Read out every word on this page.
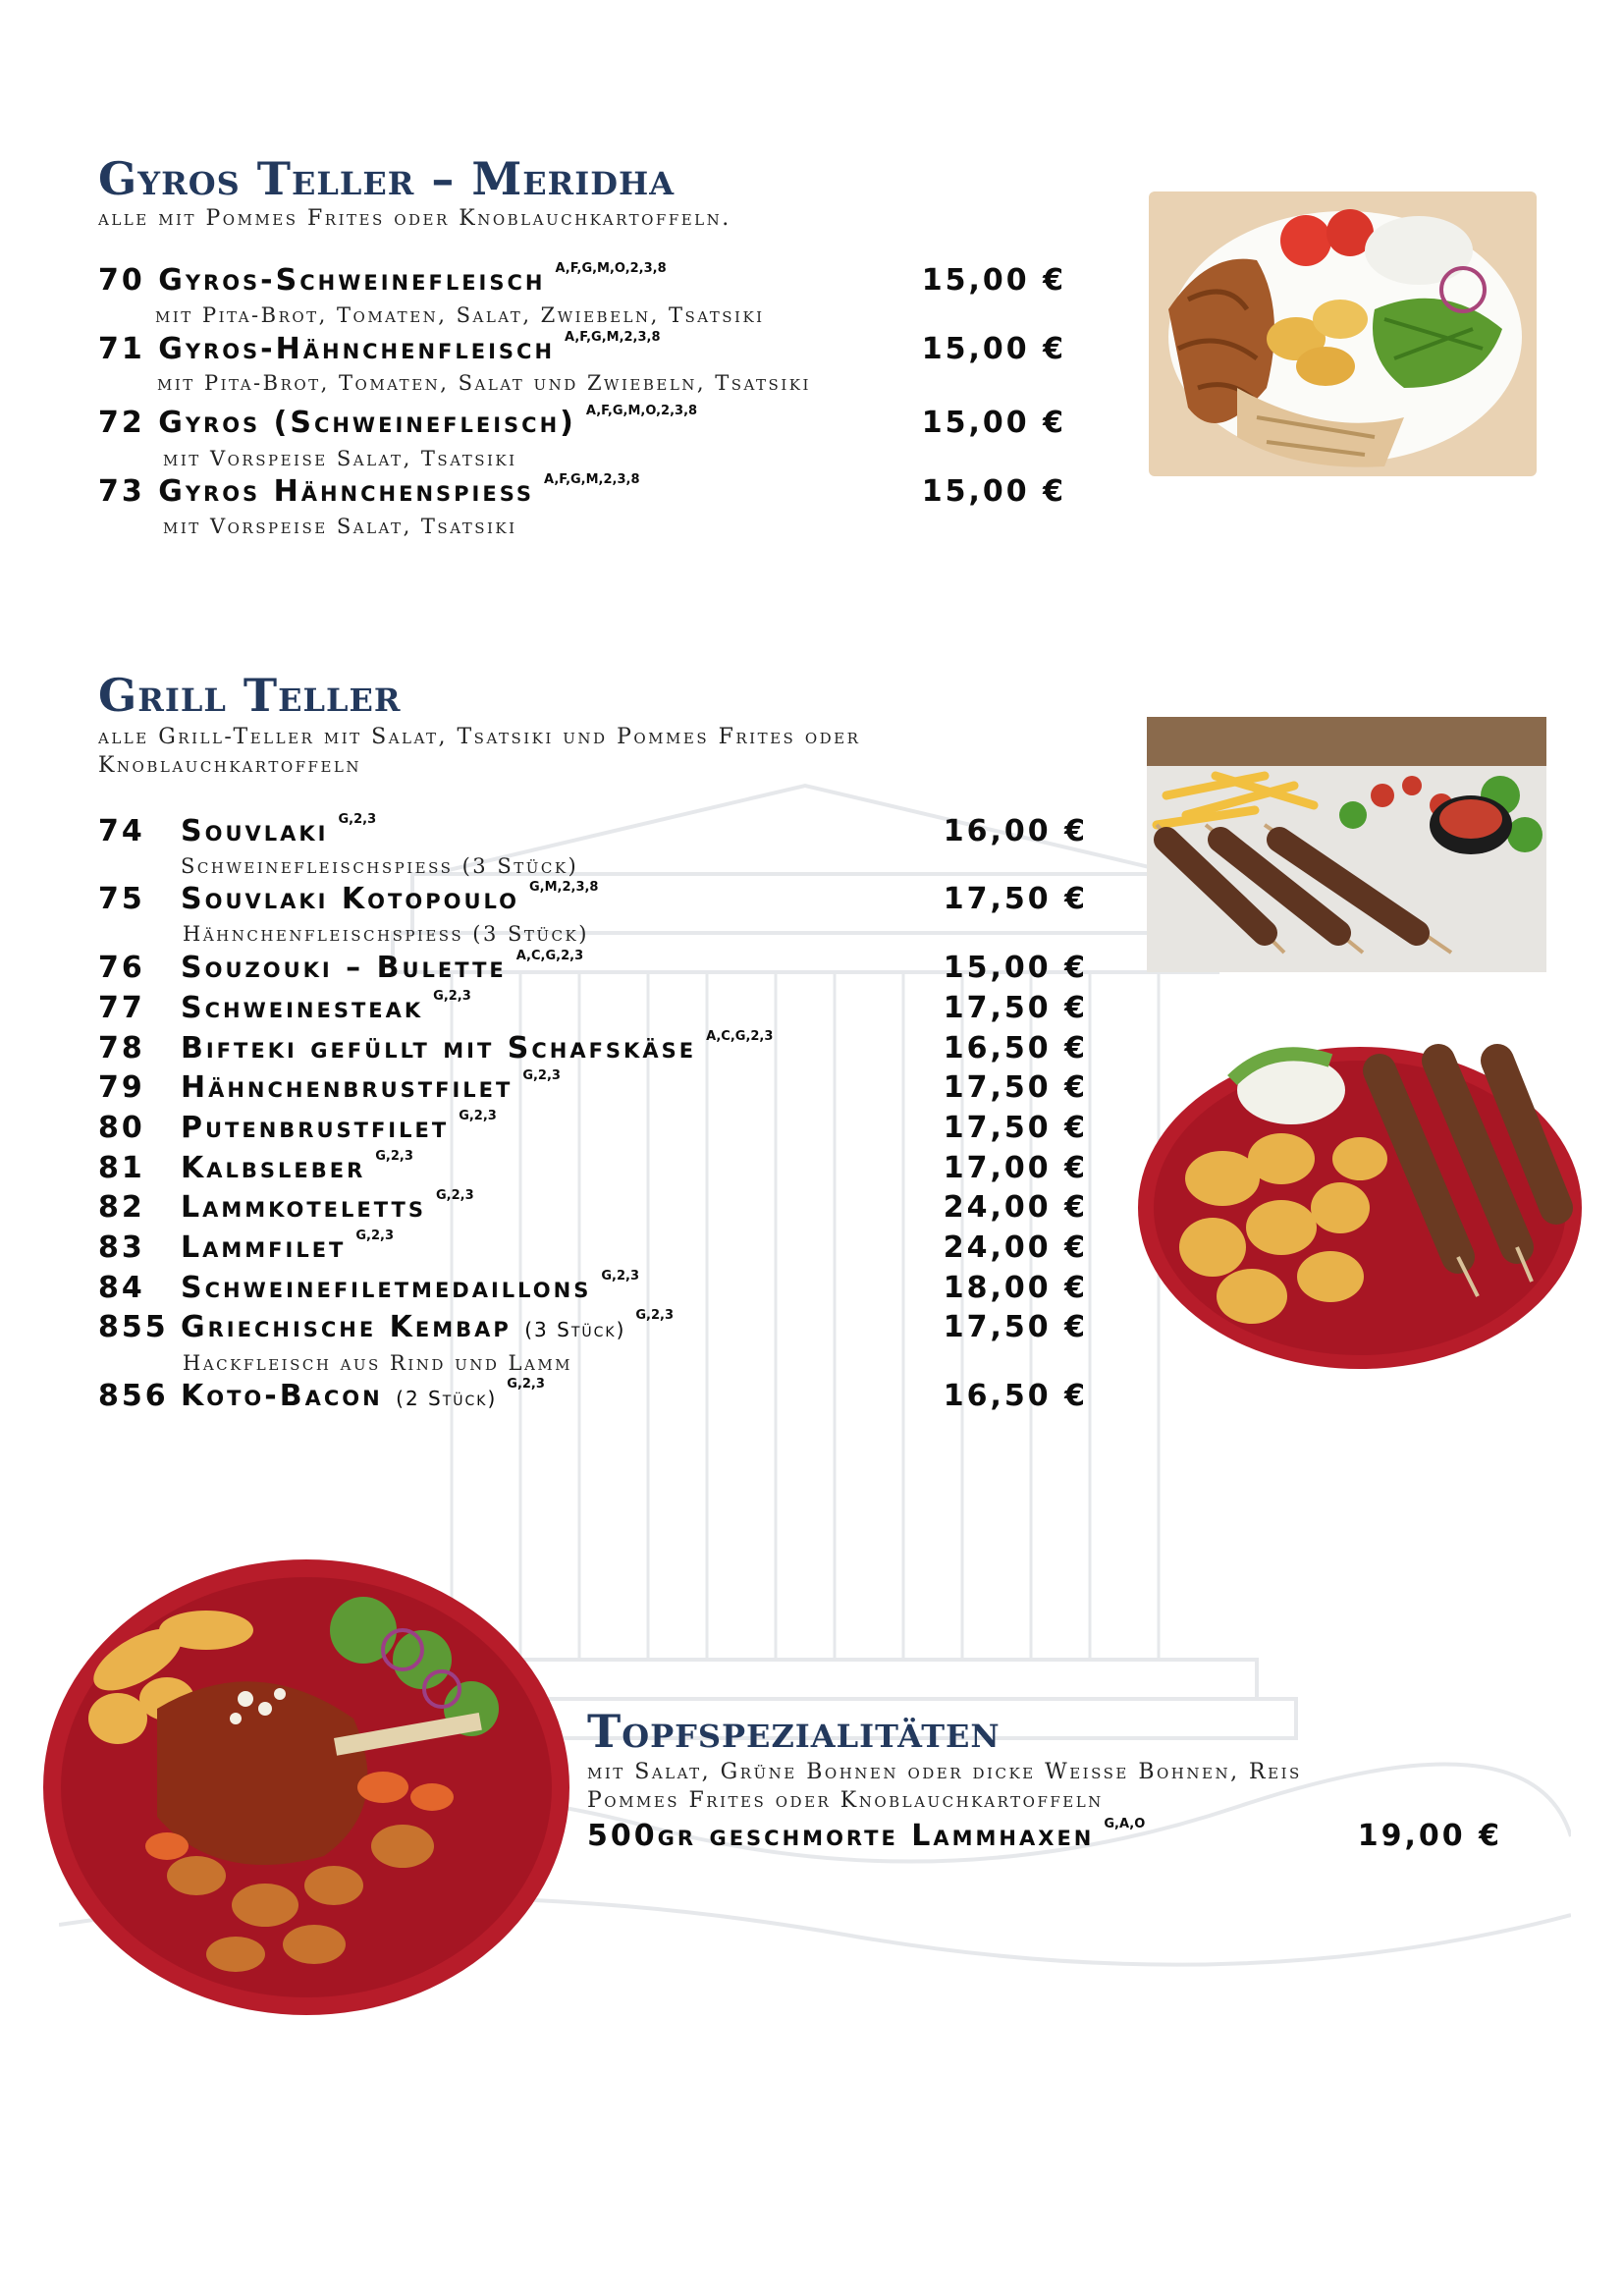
Gyros Teller – Meridha

alle mit Pommes Frites oder Knoblauchkartoffeln.

70 Gyros-Schweinefleisch $^{A,F,G,M,O,2,3,8}$	15,00 €
mit Pita-Brot, Tomaten, Salat, Zwiebeln, Tsatsiki
71 Gyros-Hähnchenfleisch $^{A,F,G,M,2,3,8}$	15,00 €
mit Pita-Brot, Tomaten, Salat und Zwiebeln, Tsatsiki
72 Gyros (Schweinefleisch) $^{A,F,G,M,O,2,3,8}$	15,00 €
mit Vorspeise Salat, Tsatsiki
73 Gyros Hähnchenspiess $^{A,F,G,M,2,3,8}$	15,00 €
mit Vorspeise Salat, Tsatsiki
Grill Teller

alle Grill-Teller mit Salat, Tsatsiki und Pommes Frites oder
Knoblauchkartoffeln

74 Souvlaki $^{G,2,3}$	16,00 €
Schweinefleischspiess (3 Stück)
75 Souvlaki Kotopoulo $^{G,M,2,3,8}$	17,50 €
Hähnchenfleischspiess (3 Stück)
76 Souzouki – Bulette $^{A,C,G,2,3}$	15,00 €
77 Schweinesteak $^{G,2,3}$	17,50 €
78 Bifteki gefüllt mit Schafskäse $^{A,C,G,2,3}$	16,50 €
79 Hähnchenbrustfilet $^{G,2,3}$	17,50 €
80 Putenbrustfilet $^{G,2,3}$	17,50 €
81 Kalbsleber $^{G,2,3}$	17,00 €
82 Lammkoteletts $^{G,2,3}$	24,00 €
83 Lammfilet $^{G,2,3}$	24,00 €
84 Schweinefiletmedaillons $^{G,2,3}$	18,00 €
855 Griechische Kembap (3 Stück)$^{G,2,3}$	17,50 €
Hackfleisch aus Rind und Lamm
856 Koto-Bacon (2 Stück)$^{G,2,3}$	16,50 €
Topfspezialitäten

mit Salat, Grüne Bohnen oder dicke Weisse Bohnen, Reis
Pommes Frites oder Knoblauchkartoffeln

500gr geschmorte Lammhaxen $^{G,A,O}$	19,00 €
